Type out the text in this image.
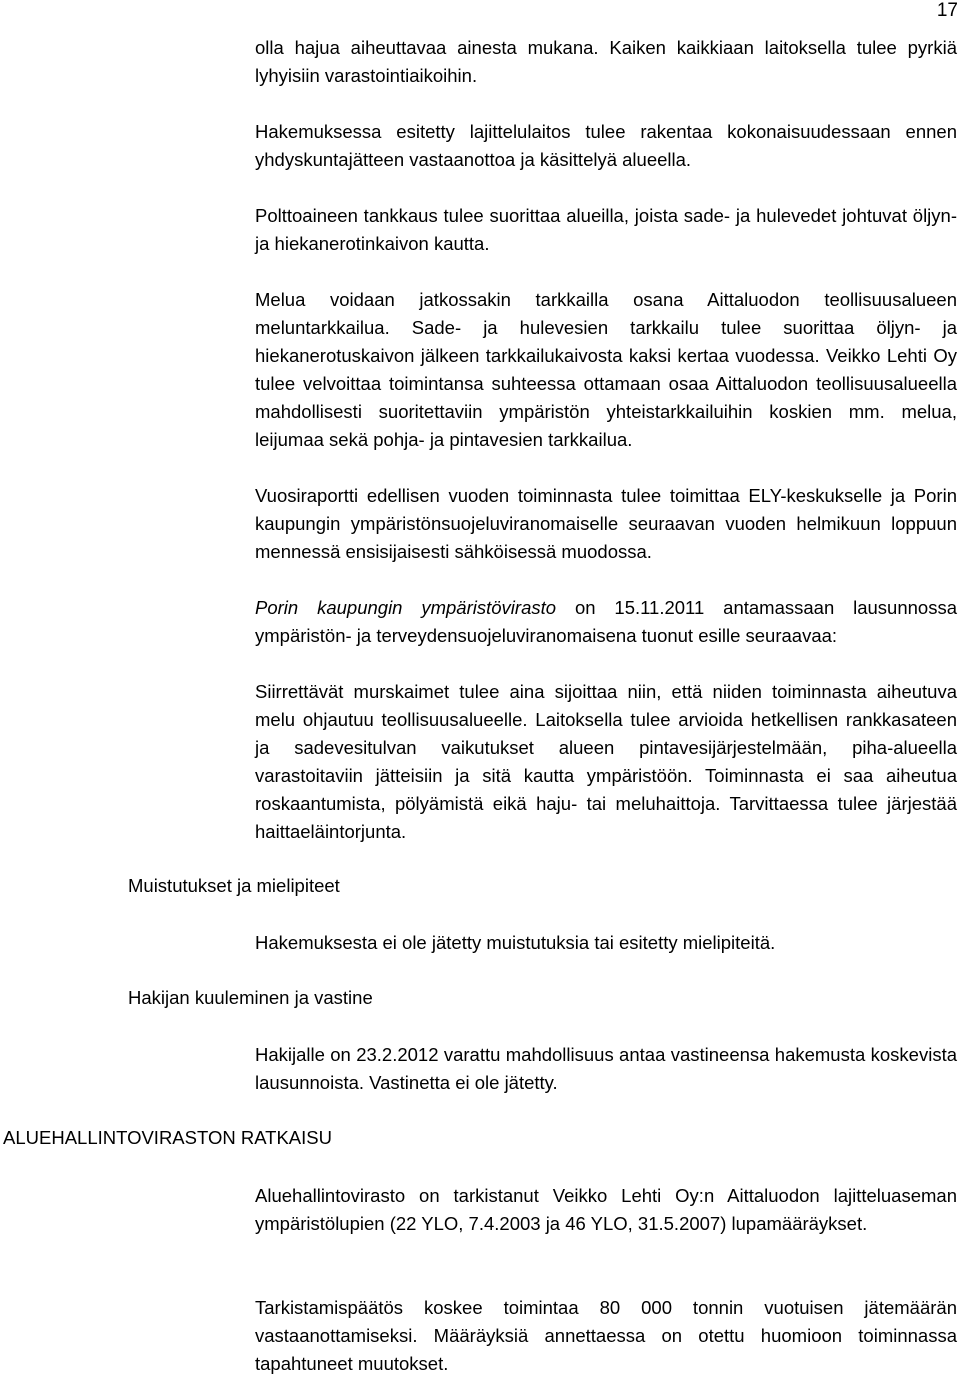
17

olla hajua aiheuttavaa ainesta mukana. Kaiken kaikkiaan laitoksella tulee pyrkiä lyhyisiin varastointiaikoihin.

Hakemuksessa esitetty lajittelulaitos tulee rakentaa kokonaisuudessaan ennen yhdyskuntajätteen vastaanottoa ja käsittelyä alueella.

Polttoaineen tankkaus tulee suorittaa alueilla, joista sade- ja hulevedet johtuvat öljyn- ja hiekanerotinkaivon kautta.

Melua voidaan jatkossakin tarkkailla osana Aittaluodon teollisuusalueen meluntarkkailua. Sade- ja hulevesien tarkkailu tulee suorittaa öljyn- ja hiekanerotuskaivon jälkeen tarkkailukaivosta kaksi kertaa vuodessa. Veikko Lehti Oy tulee velvoittaa toimintansa suhteessa ottamaan osaa Aittaluodon teollisuusalueella mahdollisesti suoritettaviin ympäristön yhteistarkkailuihin koskien mm. melua, leijumaa sekä pohja- ja pintavesien tarkkailua.

Vuosiraportti edellisen vuoden toiminnasta tulee toimittaa ELY-keskukselle ja Porin kaupungin ympäristönsuojeluviranomaiselle seuraavan vuoden helmikuun loppuun mennessä ensisijaisesti sähköisessä muodossa.

Porin kaupungin ympäristövirasto on 15.11.2011 antamassaan lausunnossa ympäristön- ja terveydensuojeluviranomaisena tuonut esille seuraavaa:

Siirrettävät murskaimet tulee aina sijoittaa niin, että niiden toiminnasta aiheutuva melu ohjautuu teollisuusalueelle. Laitoksella tulee arvioida hetkellisen rankkasateen ja sadevesitulvan vaikutukset alueen pintavesijärjestelmään, piha-alueella varastoitaviin jätteisiin ja sitä kautta ympäristöön. Toiminnasta ei saa aiheutua roskaantumista, pölyämistä eikä haju- tai meluhaittoja. Tarvittaessa tulee järjestää haittaeläintorjunta.

Muistutukset ja mielipiteet

Hakemuksesta ei ole jätetty muistutuksia tai esitetty mielipiteitä.

Hakijan kuuleminen ja vastine

Hakijalle on 23.2.2012 varattu mahdollisuus antaa vastineensa hakemusta koskevista lausunnoista. Vastinetta ei ole jätetty.

ALUEHALLINTOVIRASTON RATKAISU

Aluehallintovirasto on tarkistanut Veikko Lehti Oy:n Aittaluodon lajitteluaseman ympäristölupien (22 YLO, 7.4.2003 ja 46 YLO, 31.5.2007) lupamääräykset.

Tarkistamispäätös koskee toimintaa 80 000 tonnin vuotuisen jätemäärän vastaanottamiseksi. Määräyksiä annettaessa on otettu huomioon toiminnassa tapahtuneet muutokset.
